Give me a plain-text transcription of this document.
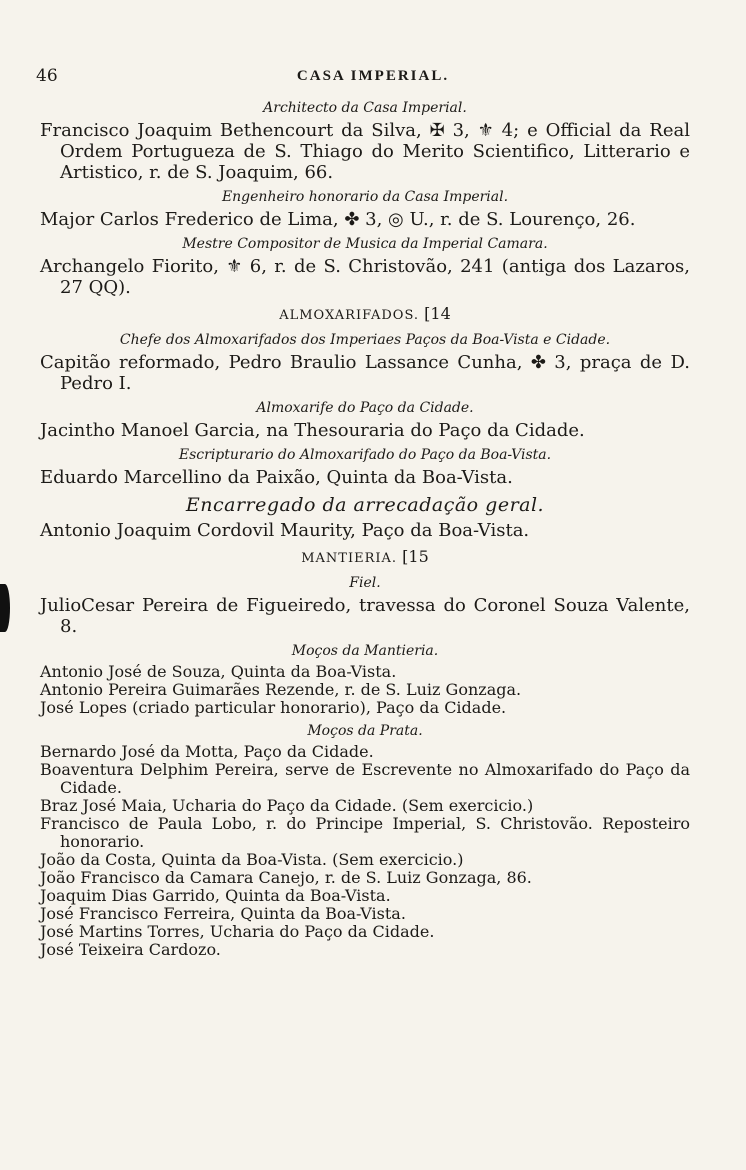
46	CASA IMPERIAL.
Architecto da Casa Imperial.
Francisco Joaquim Bethencourt da Silva, ✠ 3, ⚜ 4; e Official da Real Ordem Portugueza de S. Thiago do Merito Scientifico, Litterario e Artistico, r. de S. Joaquim, 66.
Engenheiro honorario da Casa Imperial.
Major Carlos Frederico de Lima, ✤ 3, ◎ U., r. de S. Lourenço, 26.
Mestre Compositor de Musica da Imperial Camara.
Archangelo Fiorito, ⚜ 6, r. de S. Christovão, 241 (antiga dos Lazaros, 27 QQ).
ALMOXARIFADOS. [14
Chefe dos Almoxarifados dos Imperiaes Paços da Boa-Vista e Cidade.
Capitão reformado, Pedro Braulio Lassance Cunha, ✤ 3, praça de D. Pedro I.
Almoxarife do Paço da Cidade.
Jacintho Manoel Garcia, na Thesouraria do Paço da Cidade.
Escripturario do Almoxarifado do Paço da Boa-Vista.
Eduardo Marcellino da Paixão, Quinta da Boa-Vista.
Encarregado da arrecadação geral.
Antonio Joaquim Cordovil Maurity, Paço da Boa-Vista.
MANTIERIA. [15
Fiel.
JulioCesar Pereira de Figueiredo, travessa do Coronel Souza Valente, 8.
Moços da Mantieria.
Antonio José de Souza, Quinta da Boa-Vista.
Antonio Pereira Guimarães Rezende, r. de S. Luiz Gonzaga.
José Lopes (criado particular honorario), Paço da Cidade.
Moços da Prata.
Bernardo José da Motta, Paço da Cidade.
Boaventura Delphim Pereira, serve de Escrevente no Almoxarifado do Paço da Cidade.
Braz José Maia, Ucharia do Paço da Cidade. (Sem exercicio.)
Francisco de Paula Lobo, r. do Principe Imperial, S. Christovão. Reposteiro honorario.
João da Costa, Quinta da Boa-Vista. (Sem exercicio.)
João Francisco da Camara Canejo, r. de S. Luiz Gonzaga, 86.
Joaquim Dias Garrido, Quinta da Boa-Vista.
José Francisco Ferreira, Quinta da Boa-Vista.
José Martins Torres, Ucharia do Paço da Cidade.
José Teixeira Cardozo.
